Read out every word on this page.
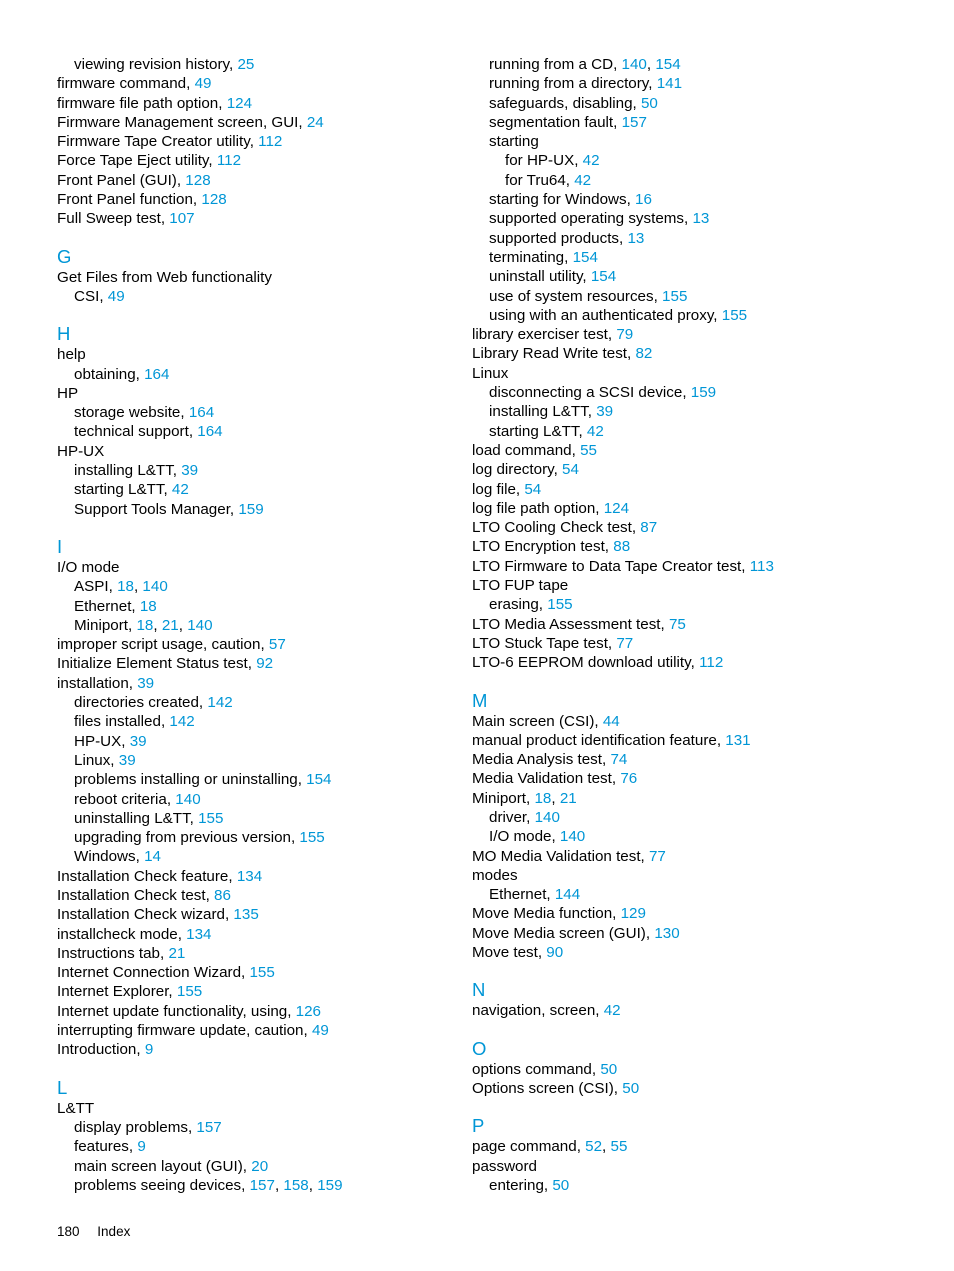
viewing revision history, 25
firmware command, 49
firmware file path option, 124
Firmware Management screen, GUI, 24
Firmware Tape Creator utility, 112
Force Tape Eject utility, 112
Front Panel (GUI), 128
Front Panel function, 128
Full Sweep test, 107
G
Get Files from Web functionality
CSI, 49
H
help
obtaining, 164
HP
storage website, 164
technical support, 164
HP-UX
installing L&TT, 39
starting L&TT, 42
Support Tools Manager, 159
I
I/O mode
ASPI, 18, 140
Ethernet, 18
Miniport, 18, 21, 140
improper script usage, caution, 57
Initialize Element Status test, 92
installation, 39
directories created, 142
files installed, 142
HP-UX, 39
Linux, 39
problems installing or uninstalling, 154
reboot criteria, 140
uninstalling L&TT, 155
upgrading from previous version, 155
Windows, 14
Installation Check feature, 134
Installation Check test, 86
Installation Check wizard, 135
installcheck mode, 134
Instructions tab, 21
Internet Connection Wizard, 155
Internet Explorer, 155
Internet update functionality, using, 126
interrupting firmware update, caution, 49
Introduction, 9
L
L&TT
display problems, 157
features, 9
main screen layout (GUI), 20
problems seeing devices, 157, 158, 159
running from a CD, 140, 154
running from a directory, 141
safeguards, disabling, 50
segmentation fault, 157
starting
for HP-UX, 42
for Tru64, 42
starting for Windows, 16
supported operating systems, 13
supported products, 13
terminating, 154
uninstall utility, 154
use of system resources, 155
using with an authenticated proxy, 155
library exerciser test, 79
Library Read Write test, 82
Linux
disconnecting a SCSI device, 159
installing L&TT, 39
starting L&TT, 42
load command, 55
log directory, 54
log file, 54
log file path option, 124
LTO Cooling Check test, 87
LTO Encryption test, 88
LTO Firmware to Data Tape Creator test, 113
LTO FUP tape
erasing, 155
LTO Media Assessment test, 75
LTO Stuck Tape test, 77
LTO-6 EEPROM download utility, 112
M
Main screen (CSI), 44
manual product identification feature, 131
Media Analysis test, 74
Media Validation test, 76
Miniport, 18, 21
driver, 140
I/O mode, 140
MO Media Validation test, 77
modes
Ethernet, 144
Move Media function, 129
Move Media screen (GUI), 130
Move test, 90
N
navigation, screen, 42
O
options command, 50
Options screen (CSI), 50
P
page command, 52, 55
password
entering, 50
180 Index
